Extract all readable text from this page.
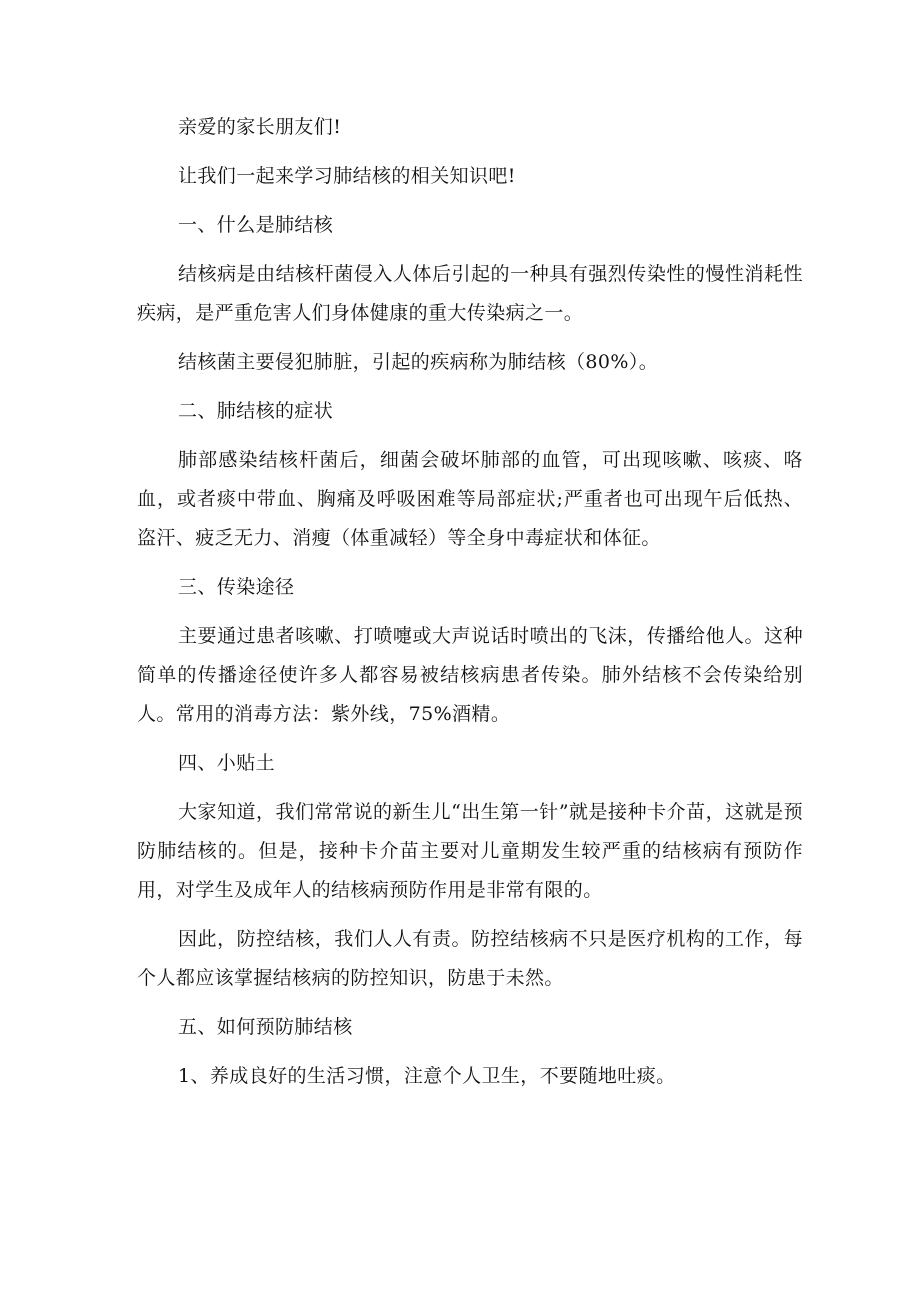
亲爱的家长朋友们!

让我们一起来学习肺结核的相关知识吧!

一、什么是肺结核

结核病是由结核杆菌侵入人体后引起的一种具有强烈传染性的慢性消耗性疾病，是严重危害人们身体健康的重大传染病之一。

结核菌主要侵犯肺脏，引起的疾病称为肺结核（80%）。

二、肺结核的症状

肺部感染结核杆菌后，细菌会破坏肺部的血管，可出现咳嗽、咳痰、咯血，或者痰中带血、胸痛及呼吸困难等局部症状;严重者也可出现午后低热、盗汗、疲乏无力、消瘦（体重减轻）等全身中毒症状和体征。

三、传染途径

主要通过患者咳嗽、打喷嚏或大声说话时喷出的飞沫，传播给他人。这种简单的传播途径使许多人都容易被结核病患者传染。肺外结核不会传染给别人。常用的消毒方法：紫外线，75%酒精。

四、小贴土

大家知道，我们常常说的新生儿“出生第一针”就是接种卡介苗，这就是预防肺结核的。但是，接种卡介苗主要对儿童期发生较严重的结核病有预防作用，对学生及成年人的结核病预防作用是非常有限的。

因此，防控结核，我们人人有责。防控结核病不只是医疗机构的工作，每个人都应该掌握结核病的防控知识，防患于未然。

五、如何预防肺结核

1、养成良好的生活习惯，注意个人卫生，不要随地吐痰。
